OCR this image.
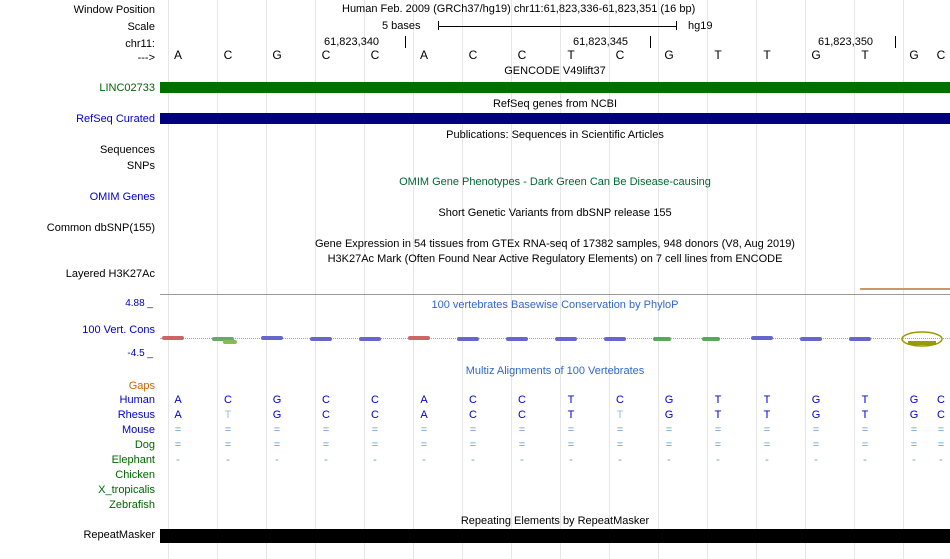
Window Position
Scale
chr11:
--->
LINC02733
RefSeq Curated
Sequences
SNPs
OMIM Genes
Common dbSNP(155)
Layered H3K27Ac
100 Vert. Cons
Gaps
Human
Rhesus
Mouse
Dog
Elephant
Chicken
X_tropicalis
Zebrafish
RepeatMasker
4.88 _
-4.5 _
Human Feb. 2009 (GRCh37/hg19) chr11:61,823,336-61,823,351 (16 bp)
5 bases	hg19
61,823,340	61,823,345	61,823,350
A	C	G	C	C	A	C	C	T	C	G	T	T	G	T	G	C
GENCODE V49lift37
RefSeq genes from NCBI
Publications: Sequences in Scientific Articles
OMIM Gene Phenotypes - Dark Green Can Be Disease-causing
Short Genetic Variants from dbSNP release 155
Gene Expression in 54 tissues from GTEx RNA-seq of 17382 samples, 948 donors (V8, Aug 2019)
H3K27Ac Mark (Often Found Near Active Regulatory Elements) on 7 cell lines from ENCODE
100 vertebrates Basewise Conservation by PhyloP
Multiz Alignments of 100 Vertebrates
A	C	G	C	C	A	C	C	T	C	G	T	T	G	T	G	C
A	T	G	C	C	A	C	C	T	T	G	T	T	G	T	G	C
=	=	=	=	=	=	=	=	=	=	=	=	=	=	=	=	=
=	=	=	=	=	=	=	=	=	=	=	=	=	=	=	=	=
-	-	-	-	-	-	-	-	-	-	-	-	-	-	-	-	-
Repeating Elements by RepeatMasker
